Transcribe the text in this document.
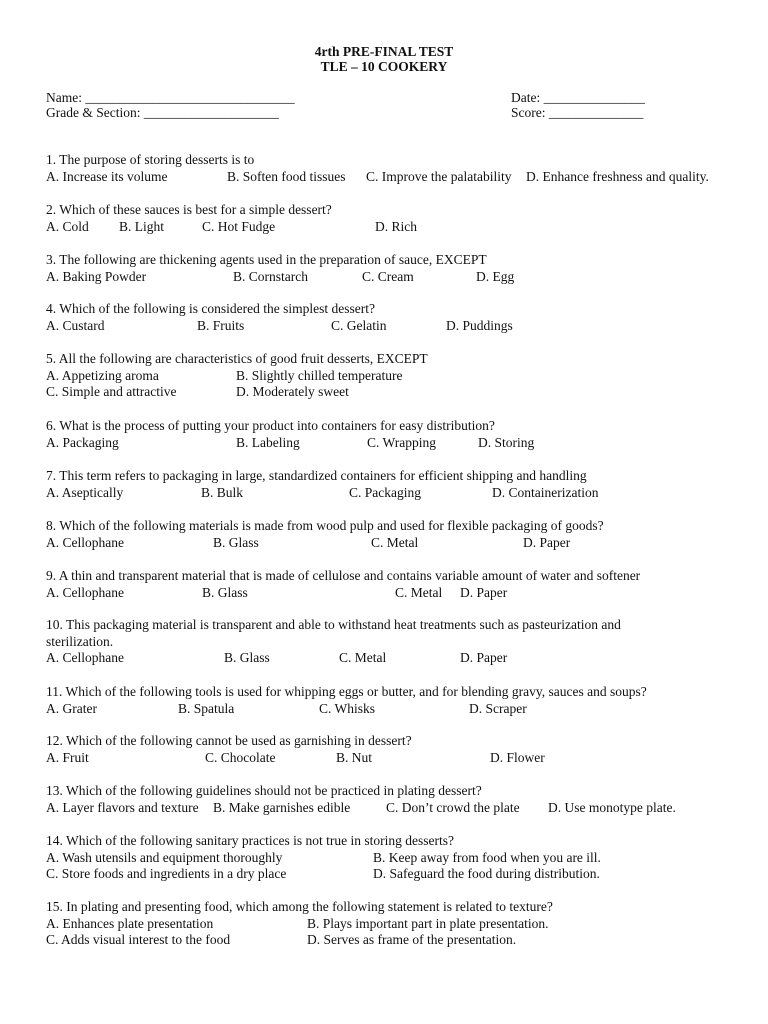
4rth PRE-FINAL TEST
TLE – 10 COOKERY
Name: _______________________________
Grade & Section: ____________________
Date: _______________
Score: ______________
1. The purpose of storing desserts is to
A. Increase its volume	B. Soften food tissues C. Improve the palatability D. Enhance freshness and quality.
2. Which of these sauces is best for a simple dessert?
A. Cold B. Light	C. Hot Fudge	D. Rich
3. The following are thickening agents used in the preparation of sauce, EXCEPT
A. Baking Powder	B. Cornstarch	C. Cream	D. Egg
4. Which of the following is considered the simplest dessert?
A. Custard	B. Fruits	C. Gelatin	D. Puddings
5. All the following are characteristics of good fruit desserts, EXCEPT
A. Appetizing aroma	B. Slightly chilled temperature
C. Simple and attractive	D. Moderately sweet
6. What is the process of putting your product into containers for easy distribution?
A. Packaging	B. Labeling	C. Wrapping	D. Storing
7. This term refers to packaging in large, standardized containers for efficient shipping and handling
A. Aseptically	B. Bulk	C. Packaging	D. Containerization
8. Which of the following materials is made from wood pulp and used for flexible packaging of goods?
A. Cellophane	B. Glass	C. Metal	D. Paper
9. A thin and transparent material that is made of cellulose and contains variable amount of water and softener
A. Cellophane	B. Glass	C. Metal D. Paper
10. This packaging material is transparent and able to withstand heat treatments such as pasteurization and
sterilization.
A. Cellophane	B. Glass	C. Metal	D. Paper
11. Which of the following tools is used for whipping eggs or butter, and for blending gravy, sauces and soups?
A. Grater	B. Spatula	C. Whisks	D. Scraper
12. Which of the following cannot be used as garnishing in dessert?
A. Fruit	C. Chocolate	B. Nut	D. Flower
13. Which of the following guidelines should not be practiced in plating dessert?
A. Layer flavors and texture B. Make garnishes edible	C. Don’t crowd the plate D. Use monotype plate.
14. Which of the following sanitary practices is not true in storing desserts?
A. Wash utensils and equipment thoroughly	B. Keep away from food when you are ill.
C. Store foods and ingredients in a dry place	D. Safeguard the food during distribution.
15. In plating and presenting food, which among the following statement is related to texture?
A. Enhances plate presentation	B. Plays important part in plate presentation.
C. Adds visual interest to the food	D. Serves as frame of the presentation.
